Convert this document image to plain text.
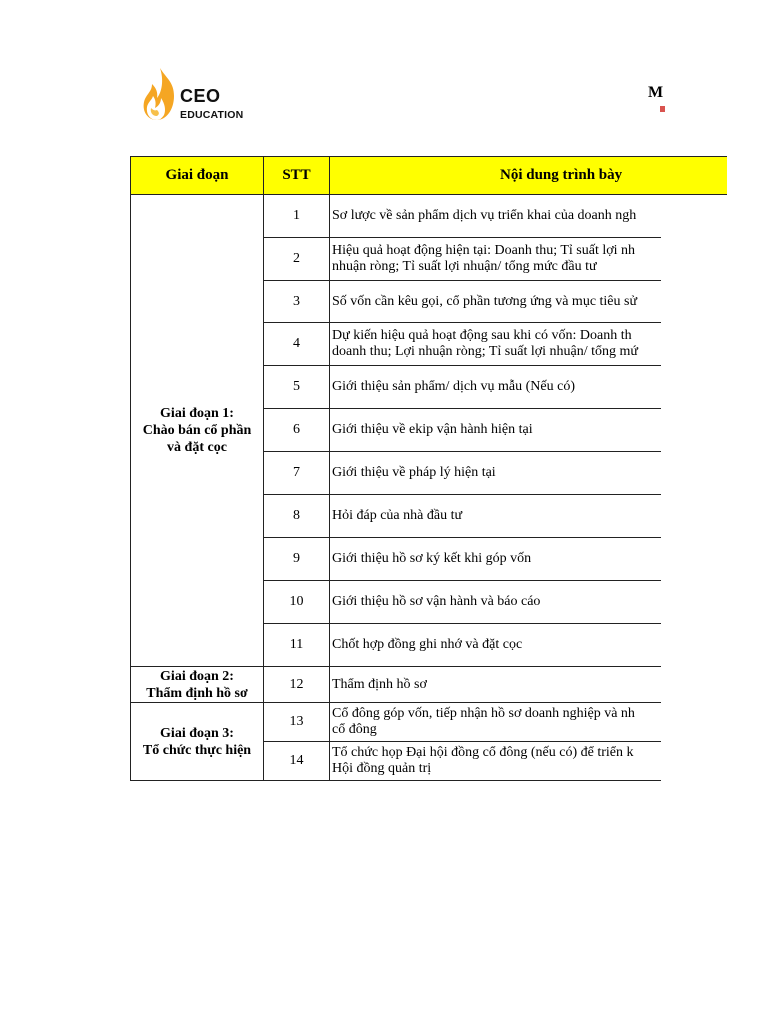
CEO
EDUCATION
M
Giai đoạn	STT	Nội dung trình bày
Giai đoạn 1:
Chào bán cổ phần
và đặt cọc	1	Sơ lược về sản phẩm dịch vụ triển khai của doanh ngh

	2	Hiệu quả hoạt động hiện tại: Doanh thu; Tỉ suất lợi nh
nhuận ròng; Tỉ suất lợi nhuận/ tổng mức đầu tư

	3	Số vốn cần kêu gọi, cổ phần tương ứng và mục tiêu sử

	4	Dự kiến hiệu quả hoạt động sau khi có vốn: Doanh th
doanh thu; Lợi nhuận ròng; Tỉ suất lợi nhuận/ tổng mứ

	5	Giới thiệu sản phẩm/ dịch vụ mẫu (Nếu có)

	6	Giới thiệu về ekip vận hành hiện tại

	7	Giới thiệu về pháp lý hiện tại

	8	Hỏi đáp của nhà đầu tư

	9	Giới thiệu hồ sơ ký kết khi góp vốn

	10	Giới thiệu hồ sơ vận hành và báo cáo

	11	Chốt hợp đồng ghi nhớ và đặt cọc

Giai đoạn 2:
Thẩm định hồ sơ	12	Thẩm định hồ sơ

Giai đoạn 3:
Tổ chức thực hiện	13	Cổ đông góp vốn, tiếp nhận hồ sơ doanh nghiệp và nh
cổ đông

	14	Tổ chức họp Đại hội đồng cổ đông (nếu có) để triển k
Hội đồng quản trị
